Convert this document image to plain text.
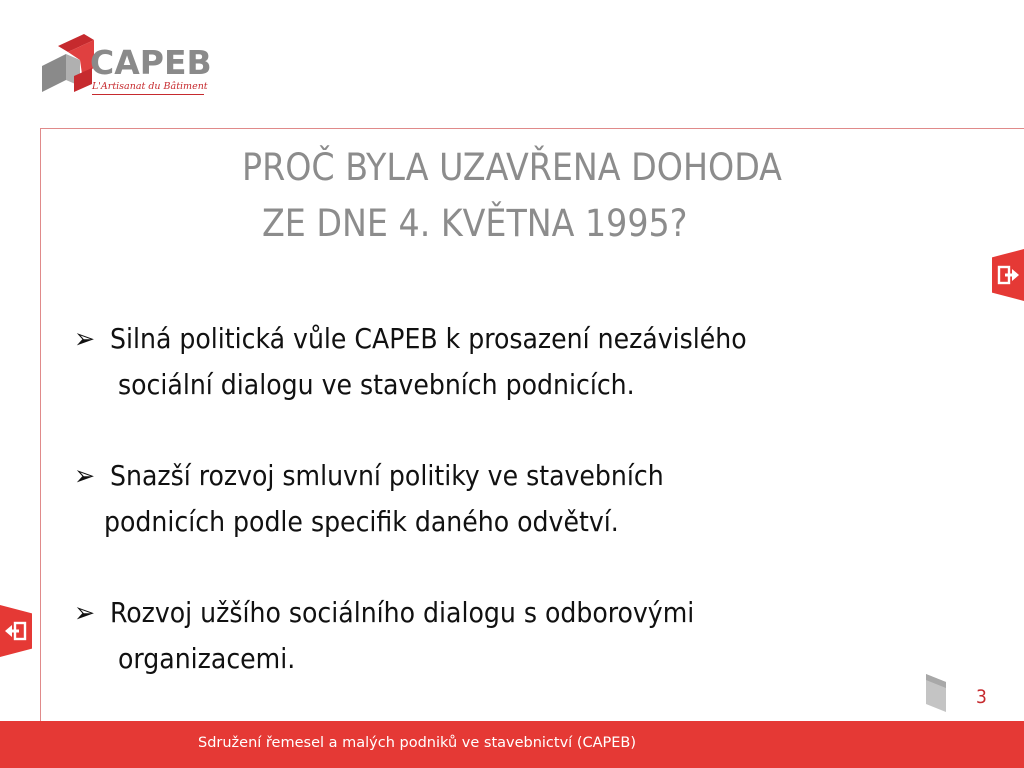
CAPEB
L'Artisanat du Bâtiment
PROČ BYLA UZAVŘENA DOHODA
ZE DNE 4. KVĚTNA 1995?
➢ Silná politická vůle CAPEB k prosazení nezávislého
sociální dialogu ve stavebních podnicích.
➢ Snazší rozvoj smluvní politiky ve stavebních
podnicích podle specifik daného odvětví.
➢ Rozvoj užšího sociálního dialogu s odborovými
organizacemi.
3
Sdružení řemesel a malých podniků ve stavebnictví (CAPEB)
